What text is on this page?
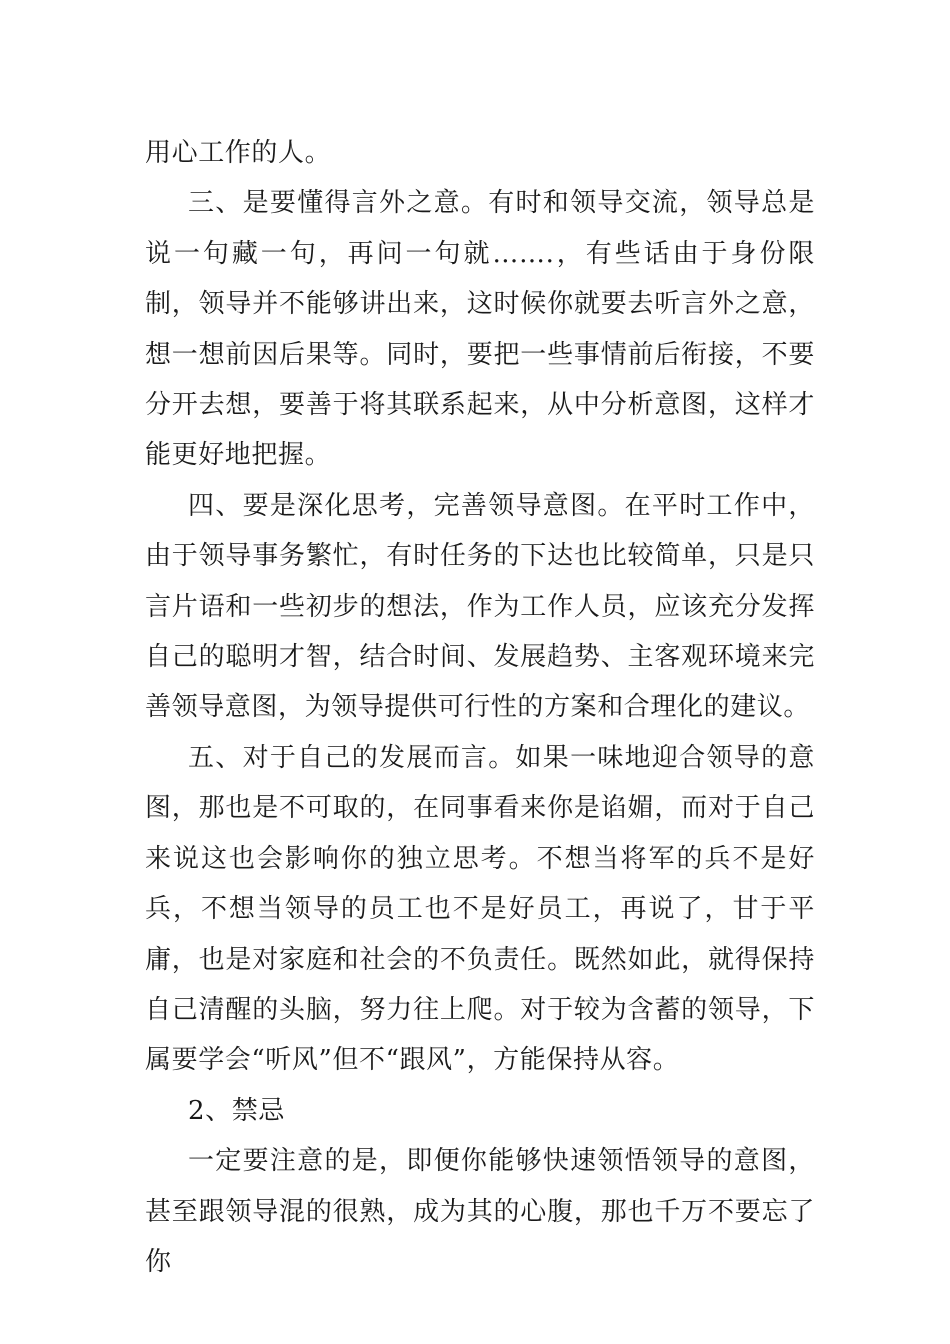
用心工作的人。

三、是要懂得言外之意。有时和领导交流，领导总是说一句藏一句，再问一句就…….，有些话由于身份限制，领导并不能够讲出来，这时候你就要去听言外之意，想一想前因后果等。同时，要把一些事情前后衔接，不要分开去想，要善于将其联系起来，从中分析意图，这样才能更好地把握。

四、要是深化思考，完善领导意图。在平时工作中，由于领导事务繁忙，有时任务的下达也比较简单，只是只言片语和一些初步的想法，作为工作人员，应该充分发挥自己的聪明才智，结合时间、发展趋势、主客观环境来完善领导意图，为领导提供可行性的方案和合理化的建议。

五、对于自己的发展而言。如果一味地迎合领导的意图，那也是不可取的，在同事看来你是谄媚，而对于自己来说这也会影响你的独立思考。不想当将军的兵不是好兵，不想当领导的员工也不是好员工，再说了，甘于平庸，也是对家庭和社会的不负责任。既然如此，就得保持自己清醒的头脑，努力往上爬。对于较为含蓄的领导，下属要学会“听风”但不“跟风”，方能保持从容。

2、禁忌

一定要注意的是，即便你能够快速领悟领导的意图，甚至跟领导混的很熟，成为其的心腹，那也千万不要忘了你
